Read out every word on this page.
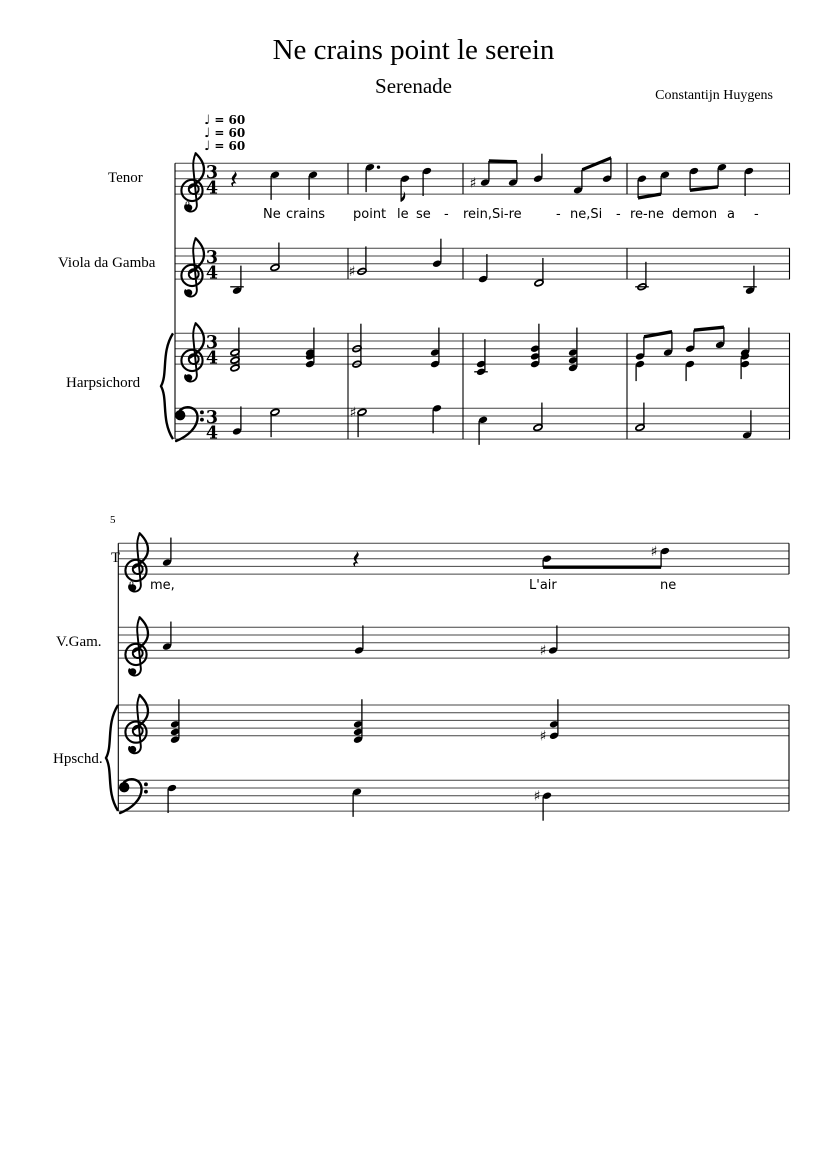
Ne crains point le serein
Serenade	Constantijn Huygens
♩ = 60
♩ = 60
♩ = 60
8
3
4	♯
3
4	♯
3
4
3
4
♯
8
♯
♯
♯
♯
Ne crains point le se - rein,Si-re	- ne,Si - re-ne demon a -
Tenor
Viola da Gamba
Harpsichord
me,	L'air	ne
T
V.Gam.
Hpschd.
5
